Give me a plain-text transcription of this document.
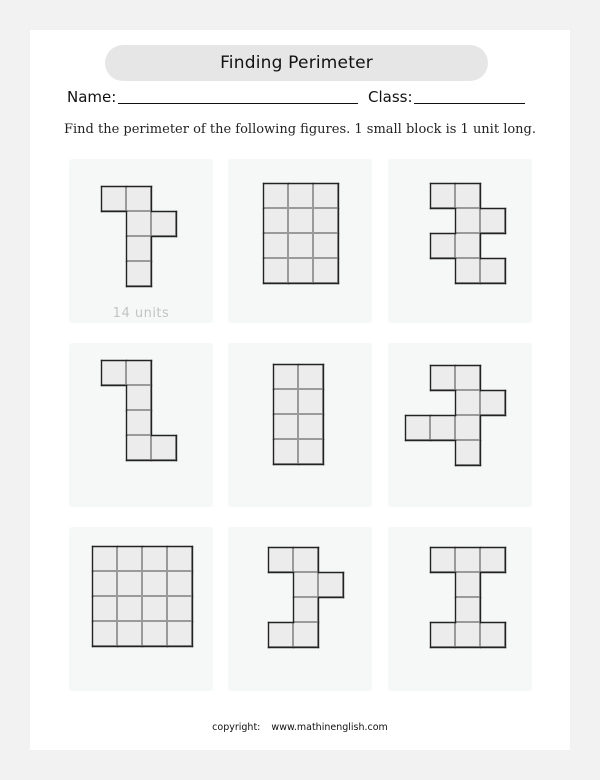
Finding Perimeter
Name:	Class:
Find the perimeter of the following figures. 1 small block is 1 unit long.
14 units
copyright: www.mathinenglish.com
